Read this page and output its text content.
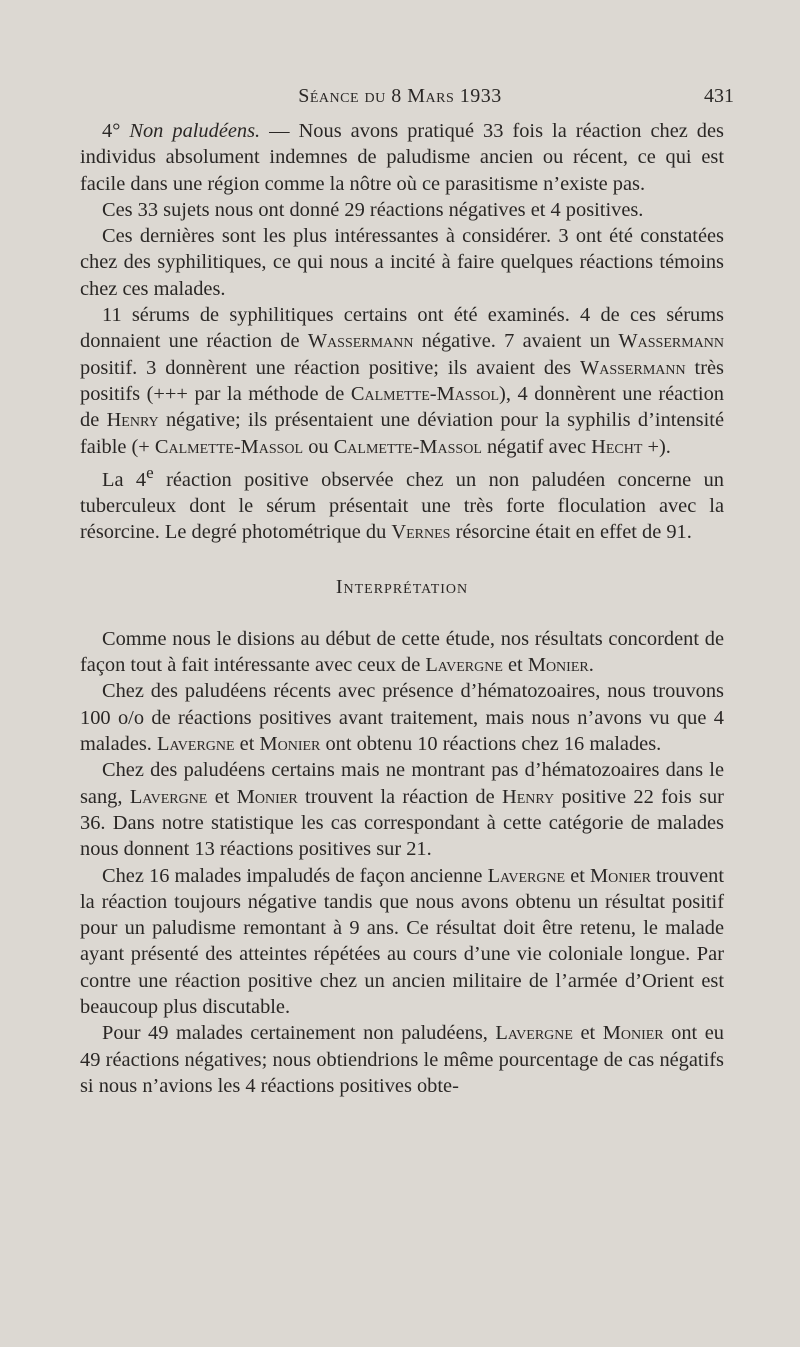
Séance du 8 Mars 1933	431

4° Non paludéens. — Nous avons pratiqué 33 fois la réaction chez des individus absolument indemnes de paludisme ancien ou récent, ce qui est facile dans une région comme la nôtre où ce parasitisme n’existe pas.

Ces 33 sujets nous ont donné 29 réactions négatives et 4 positives.

Ces dernières sont les plus intéressantes à considérer. 3 ont été constatées chez des syphilitiques, ce qui nous a incité à faire quelques réactions témoins chez ces malades.

11 sérums de syphilitiques certains ont été examinés. 4 de ces sérums donnaient une réaction de Wassermann négative. 7 avaient un Wassermann positif. 3 donnèrent une réaction positive; ils avaient des Wassermann très positifs (+++ par la méthode de Calmette-Massol), 4 donnèrent une réaction de Henry négative; ils présentaient une déviation pour la syphilis d’intensité faible (+ Calmette-Massol ou Calmette-Massol négatif avec Hecht +).

La 4e réaction positive observée chez un non paludéen concerne un tuberculeux dont le sérum présentait une très forte floculation avec la résorcine. Le degré photométrique du Vernes résorcine était en effet de 91.

Interprétation

Comme nous le disions au début de cette étude, nos résultats concordent de façon tout à fait intéressante avec ceux de Lavergne et Monier.

Chez des paludéens récents avec présence d’hématozoaires, nous trouvons 100 o/o de réactions positives avant traitement, mais nous n’avons vu que 4 malades. Lavergne et Monier ont obtenu 10 réactions chez 16 malades.

Chez des paludéens certains mais ne montrant pas d’hématozoaires dans le sang, Lavergne et Monier trouvent la réaction de Henry positive 22 fois sur 36. Dans notre statistique les cas correspondant à cette catégorie de malades nous donnent 13 réactions positives sur 21.

Chez 16 malades impaludés de façon ancienne Lavergne et Monier trouvent la réaction toujours négative tandis que nous avons obtenu un résultat positif pour un paludisme remontant à 9 ans. Ce résultat doit être retenu, le malade ayant présenté des atteintes répétées au cours d’une vie coloniale longue. Par contre une réaction positive chez un ancien militaire de l’armée d’Orient est beaucoup plus discutable.

Pour 49 malades certainement non paludéens, Lavergne et Monier ont eu 49 réactions négatives; nous obtiendrions le même pourcentage de cas négatifs si nous n’avions les 4 réactions positives obte-
